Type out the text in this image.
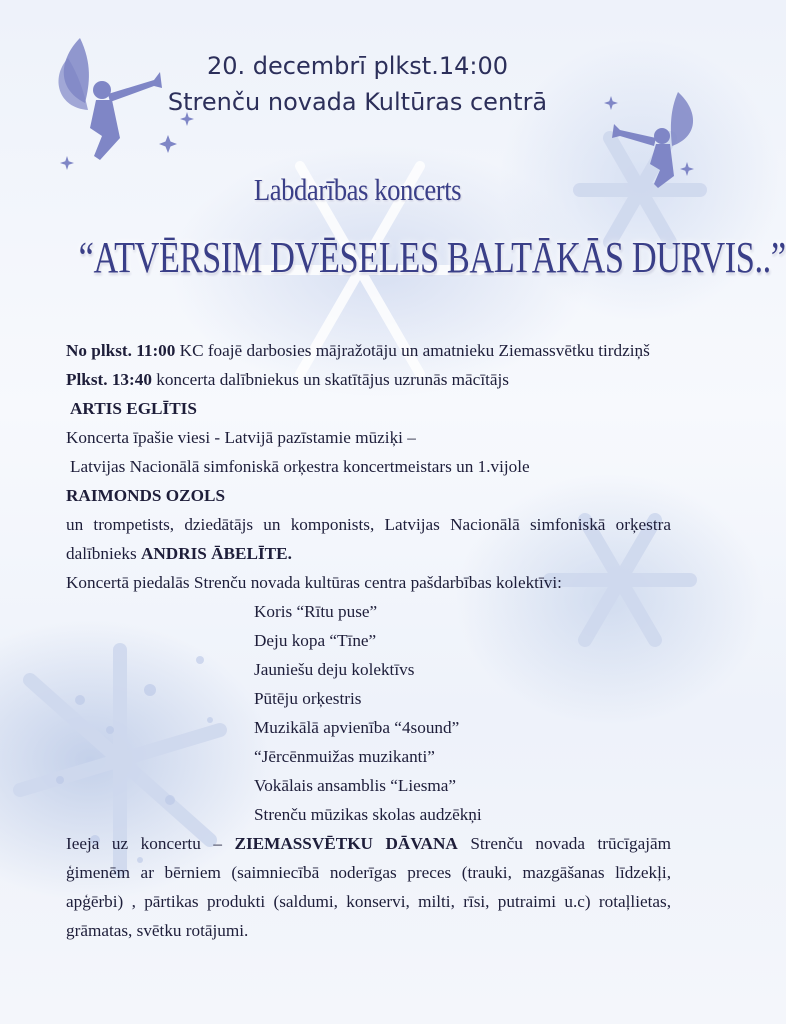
20. decembrī plkst.14:00
Strenču novada Kultūras centrā
Labdarības koncerts
“ATVĒRSIM DVĒSELES BALTĀKĀS DURVIS..”

No plkst. 11:00 KC foajē darbosies mājražotāju un amatnieku Ziemassvētku tirdziņš

Plkst. 13:40 koncerta dalībniekus un skatītājus uzrunās mācītājs

ARTIS EGLĪTIS

Koncerta īpašie viesi - Latvijā pazīstamie mūziķi –

Latvijas Nacionālā simfoniskā orķestra koncertmeistars un 1.vijole

RAIMONDS OZOLS

un trompetists, dziedātājs un komponists, Latvijas Nacionālā simfoniskā orķestra dalībnieks ANDRIS ĀBELĪTE.

Koncertā piedalās Strenču novada kultūras centra pašdarbības kolektīvi:

Koris “Rītu puse”
Deju kopa “Tīne”
Jauniešu deju kolektīvs
Pūtēju orķestris
Muzikālā apvienība “4sound”
“Jērcēnmuižas muzikanti”
Vokālais ansamblis “Liesma”
Strenču mūzikas skolas audzēkņi

Ieeja uz koncertu – ZIEMASSVĒTKU DĀVANA Strenču novada trūcīgajām ģimenēm ar bērniem (saimniecībā noderīgas preces (trauki, mazgāšanas līdzekļi, apģērbi) , pārtikas produkti (saldumi, konservi, milti, rīsi, putraimi u.c) rotaļlietas, grāmatas, svētku rotājumi.
